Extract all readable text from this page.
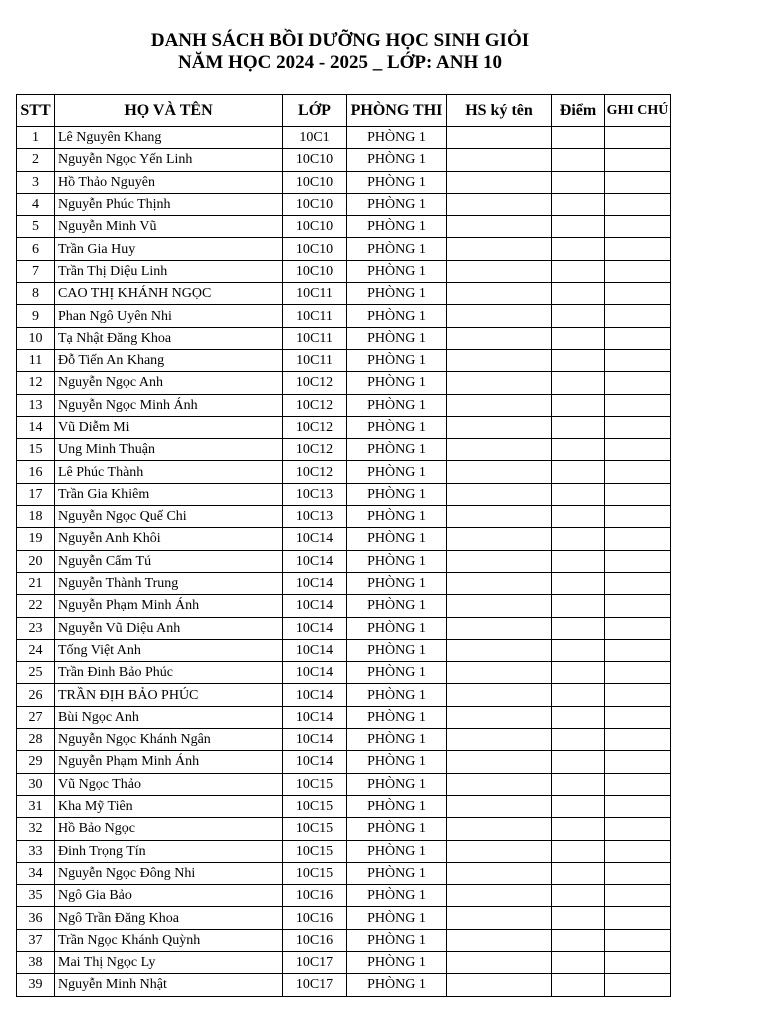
DANH SÁCH BỒI DƯỠNG HỌC SINH GIỎI
NĂM HỌC 2024 - 2025 _ LỚP: ANH 10
STT	HỌ VÀ TÊN	LỚP	PHÒNG THI	HS ký tên	Điểm	GHI CHÚ
1	Lê Nguyên Khang	10C1	PHÒNG 1			
2	Nguyễn Ngọc Yến Linh	10C10	PHÒNG 1			
3	Hồ Thảo Nguyên	10C10	PHÒNG 1			
4	Nguyễn Phúc Thịnh	10C10	PHÒNG 1			
5	Nguyễn Minh Vũ	10C10	PHÒNG 1			
6	Trần Gia Huy	10C10	PHÒNG 1			
7	Trần Thị Diệu Linh	10C10	PHÒNG 1			
8	CAO THỊ KHÁNH NGỌC	10C11	PHÒNG 1			
9	Phan Ngô Uyên Nhi	10C11	PHÒNG 1			
10	Tạ Nhật Đăng Khoa	10C11	PHÒNG 1			
11	Đỗ Tiến An Khang	10C11	PHÒNG 1			
12	Nguyễn Ngọc Anh	10C12	PHÒNG 1			
13	Nguyễn Ngọc Minh Ánh	10C12	PHÒNG 1			
14	Vũ Diễm Mi	10C12	PHÒNG 1			
15	Ung Minh Thuận	10C12	PHÒNG 1			
16	Lê Phúc Thành	10C12	PHÒNG 1			
17	Trần Gia Khiêm	10C13	PHÒNG 1			
18	Nguyễn Ngọc Quế Chi	10C13	PHÒNG 1			
19	Nguyễn Anh Khôi	10C14	PHÒNG 1			
20	Nguyễn Cẩm Tú	10C14	PHÒNG 1			
21	Nguyễn Thành Trung	10C14	PHÒNG 1			
22	Nguyễn Phạm Minh Ánh	10C14	PHÒNG 1			
23	Nguyễn Vũ Diệu Anh	10C14	PHÒNG 1			
24	Tống Việt Anh	10C14	PHÒNG 1			
25	Trần Đinh Bảo Phúc	10C14	PHÒNG 1			
26	TRẦN ĐỊH BẢO PHÚC	10C14	PHÒNG 1			
27	Bùi Ngọc Anh	10C14	PHÒNG 1			
28	Nguyễn Ngọc Khánh Ngân	10C14	PHÒNG 1			
29	Nguyễn Phạm Minh Ánh	10C14	PHÒNG 1			
30	Vũ Ngọc Thảo	10C15	PHÒNG 1			
31	Kha Mỹ Tiên	10C15	PHÒNG 1			
32	Hồ Bảo Ngọc	10C15	PHÒNG 1			
33	Đinh Trọng Tín	10C15	PHÒNG 1			
34	Nguyễn Ngọc Đông Nhi	10C15	PHÒNG 1			
35	Ngô Gia Bảo	10C16	PHÒNG 1			
36	Ngô Trần Đăng Khoa	10C16	PHÒNG 1			
37	Trần Ngọc Khánh Quỳnh	10C16	PHÒNG 1			
38	Mai Thị Ngọc Ly	10C17	PHÒNG 1			
39	Nguyễn Minh Nhật	10C17	PHÒNG 1			
